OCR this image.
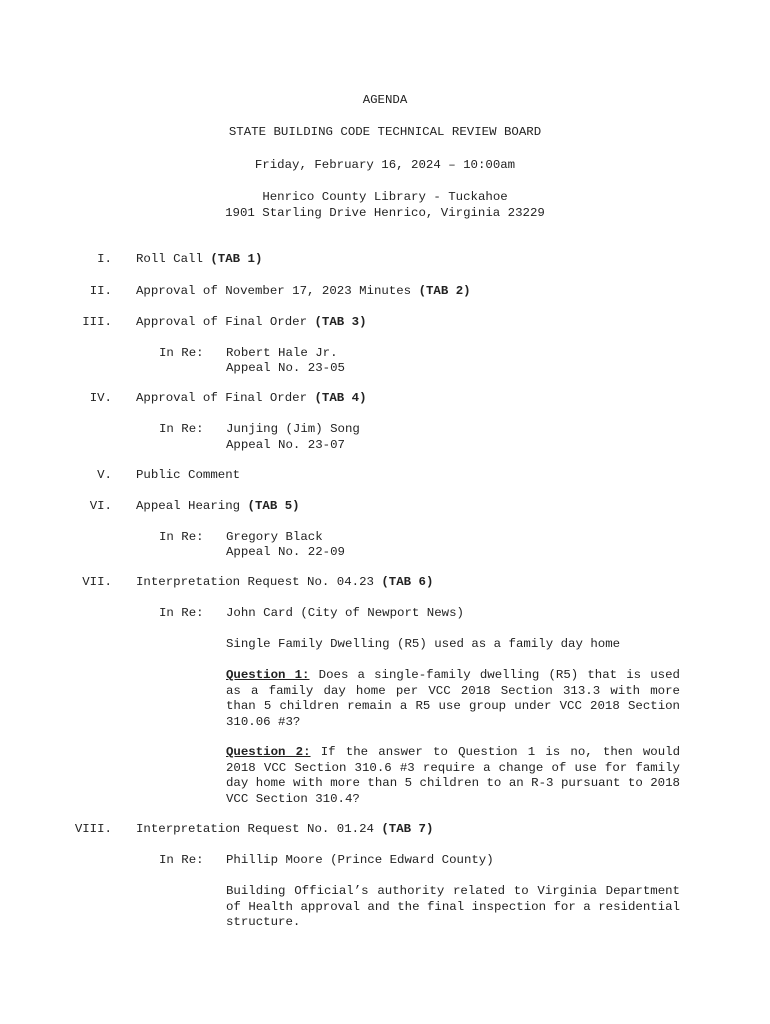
AGENDA
STATE BUILDING CODE TECHNICAL REVIEW BOARD
Friday, February 16, 2024 – 10:00am
Henrico County Library - Tuckahoe
1901 Starling Drive Henrico, Virginia 23229
I. Roll Call (TAB 1)
II. Approval of November 17, 2023 Minutes (TAB 2)
III. Approval of Final Order (TAB 3)
In Re: Robert Hale Jr.
Appeal No. 23-05
IV. Approval of Final Order (TAB 4)
In Re: Junjing (Jim) Song
Appeal No. 23-07
V. Public Comment
VI. Appeal Hearing (TAB 5)
In Re: Gregory Black
Appeal No. 22-09
VII. Interpretation Request No. 04.23 (TAB 6)
In Re: John Card (City of Newport News)
Single Family Dwelling (R5) used as a family day home
Question 1: Does a single-family dwelling (R5) that is used as a family day home per VCC 2018 Section 313.3 with more than 5 children remain a R5 use group under VCC 2018 Section 310.06 #3?
Question 2: If the answer to Question 1 is no, then would 2018 VCC Section 310.6 #3 require a change of use for family day home with more than 5 children to an R-3 pursuant to 2018 VCC Section 310.4?
VIII. Interpretation Request No. 01.24 (TAB 7)
In Re: Phillip Moore (Prince Edward County)
Building Official’s authority related to Virginia Department of Health approval and the final inspection for a residential structure.
